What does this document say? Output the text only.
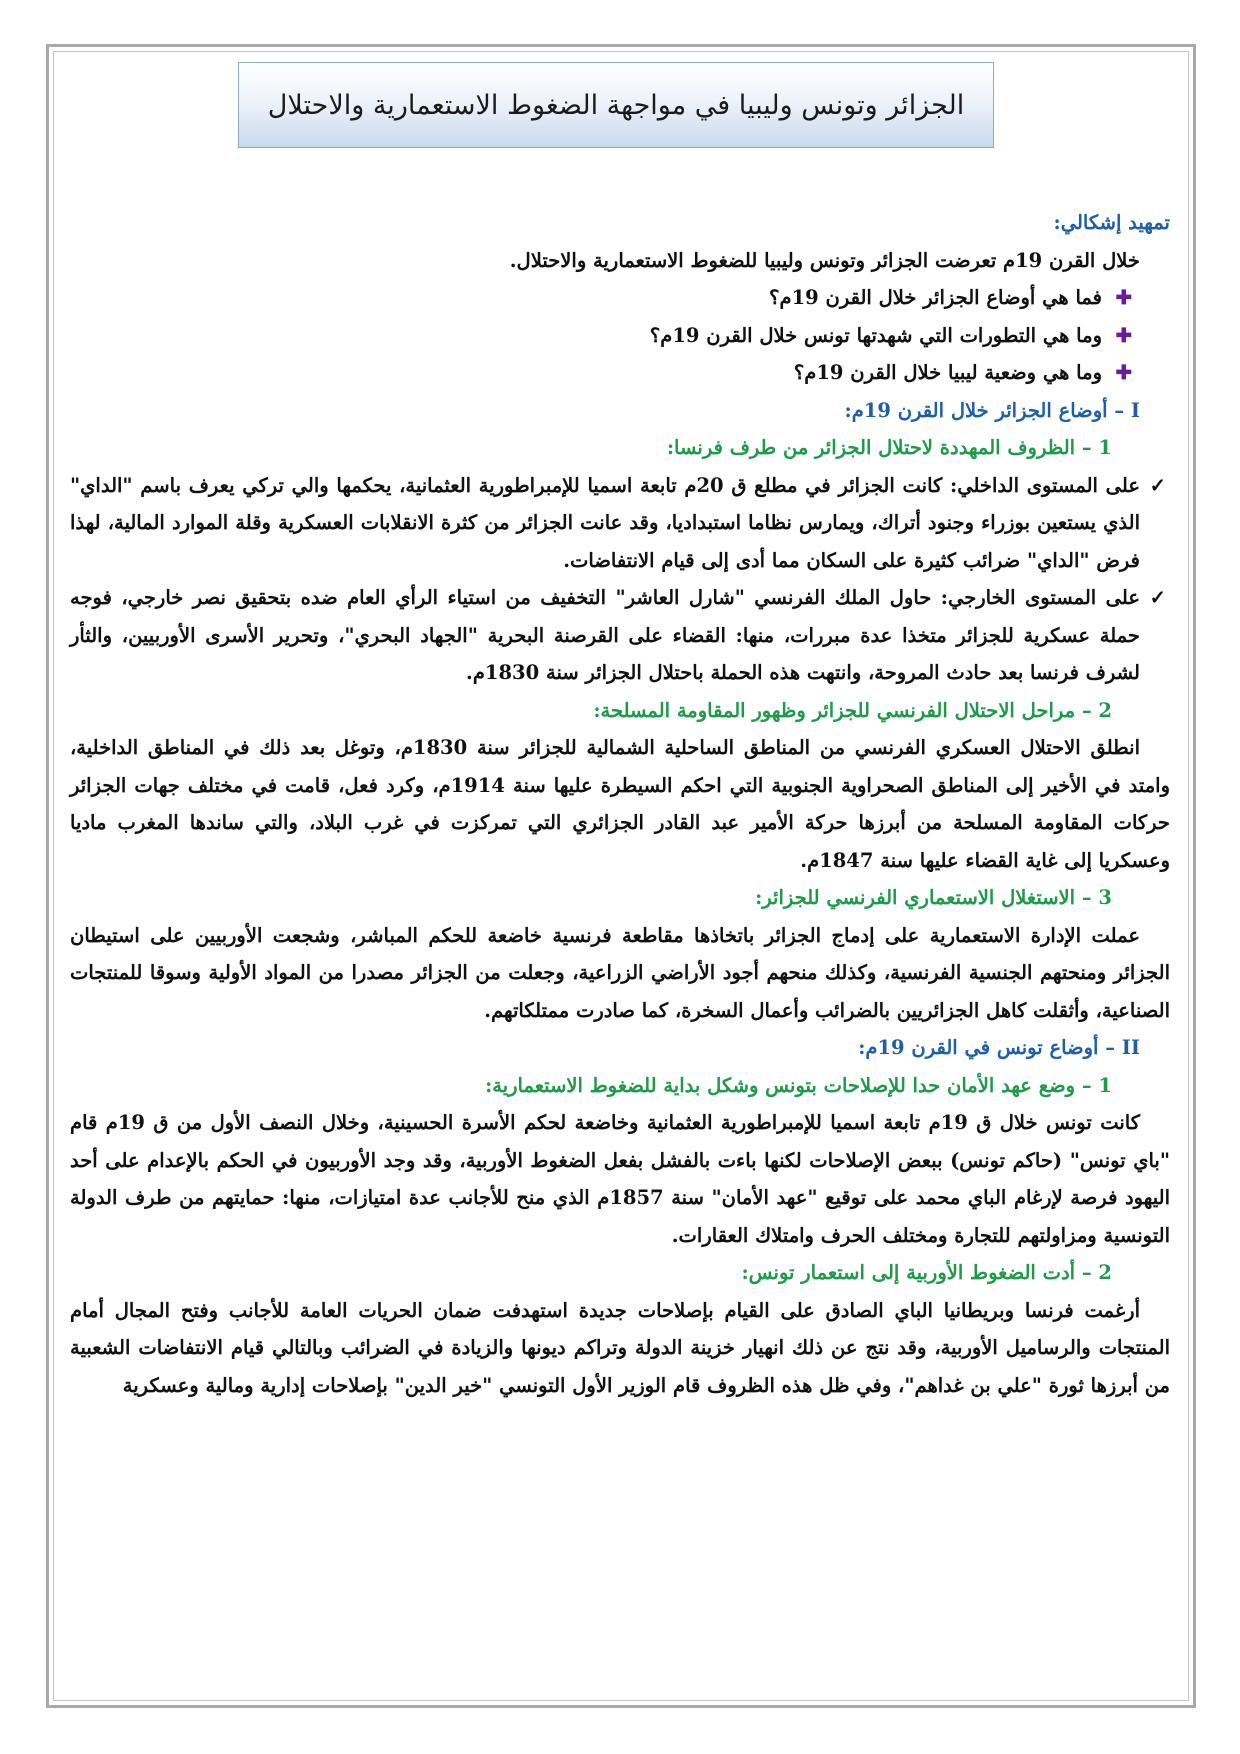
الجزائر وتونس وليبيا في مواجهة الضغوط الاستعمارية والاحتلال

تمهيد إشكالي:

خلال القرن 19م تعرضت الجزائر وتونس وليبيا للضغوط الاستعمارية والاحتلال.

✚
فما هي أوضاع الجزائر خلال القرن 19م؟

✚
وما هي التطورات التي شهدتها تونس خلال القرن 19م؟

✚
وما هي وضعية ليبيا خلال القرن 19م؟

I – أوضاع الجزائر خلال القرن 19م:

1 – الظروف المهددة لاحتلال الجزائر من طرف فرنسا:

✓
على المستوى الداخلي: كانت الجزائر في مطلع ق 20م تابعة اسميا للإمبراطورية العثمانية، يحكمها والي تركي يعرف باسم "الداي" الذي يستعين بوزراء وجنود أتراك، ويمارس نظاما استبداديا، وقد عانت الجزائر من كثرة الانقلابات العسكرية وقلة الموارد المالية، لهذا فرض "الداي" ضرائب كثيرة على السكان مما أدى إلى قيام الانتفاضات.

✓
على المستوى الخارجي: حاول الملك الفرنسي "شارل العاشر" التخفيف من استياء الرأي العام ضده بتحقيق نصر خارجي، فوجه حملة عسكرية للجزائر متخذا عدة مبررات، منها: القضاء على القرصنة البحرية "الجهاد البحري"، وتحرير الأسرى الأوربيين، والثأر لشرف فرنسا بعد حادث المروحة، وانتهت هذه الحملة باحتلال الجزائر سنة 1830م.

2 – مراحل الاحتلال الفرنسي للجزائر وظهور المقاومة المسلحة:

انطلق الاحتلال العسكري الفرنسي من المناطق الساحلية الشمالية للجزائر سنة 1830م، وتوغل بعد ذلك في المناطق الداخلية، وامتد في الأخير إلى المناطق الصحراوية الجنوبية التي احكم السيطرة عليها سنة 1914م، وكرد فعل، قامت في مختلف جهات الجزائر حركات المقاومة المسلحة من أبرزها حركة الأمير عبد القادر الجزائري التي تمركزت في غرب البلاد، والتي ساندها المغرب ماديا وعسكريا إلى غاية القضاء عليها سنة 1847م.

3 – الاستغلال الاستعماري الفرنسي للجزائر:

عملت الإدارة الاستعمارية على إدماج الجزائر باتخاذها مقاطعة فرنسية خاضعة للحكم المباشر، وشجعت الأوربيين على استيطان الجزائر ومنحتهم الجنسية الفرنسية، وكذلك منحهم أجود الأراضي الزراعية، وجعلت من الجزائر مصدرا من المواد الأولية وسوقا للمنتجات الصناعية، وأثقلت كاهل الجزائريين بالضرائب وأعمال السخرة، كما صادرت ممتلكاتهم.

II – أوضاع تونس في القرن 19م:

1 – وضع عهد الأمان حدا للإصلاحات بتونس وشكل بداية للضغوط الاستعمارية:

كانت تونس خلال ق 19م تابعة اسميا للإمبراطورية العثمانية وخاضعة لحكم الأسرة الحسينية، وخلال النصف الأول من ق 19م قام "باي تونس" (حاكم تونس) ببعض الإصلاحات لكنها باءت بالفشل بفعل الضغوط الأوربية، وقد وجد الأوربيون في الحكم بالإعدام على أحد اليهود فرصة لإرغام الباي محمد على توقيع "عهد الأمان" سنة 1857م الذي منح للأجانب عدة امتيازات، منها: حمايتهم من طرف الدولة التونسية ومزاولتهم للتجارة ومختلف الحرف وامتلاك العقارات.

2 – أدت الضغوط الأوربية إلى استعمار تونس:

أرغمت فرنسا وبريطانيا الباي الصادق على القيام بإصلاحات جديدة استهدفت ضمان الحريات العامة للأجانب وفتح المجال أمام المنتجات والرساميل الأوربية، وقد نتج عن ذلك انهيار خزينة الدولة وتراكم ديونها والزيادة في الضرائب وبالتالي قيام الانتفاضات الشعبية من أبرزها ثورة "علي بن غداهم"، وفي ظل هذه الظروف قام الوزير الأول التونسي "خير الدين" بإصلاحات إدارية ومالية وعسكرية
